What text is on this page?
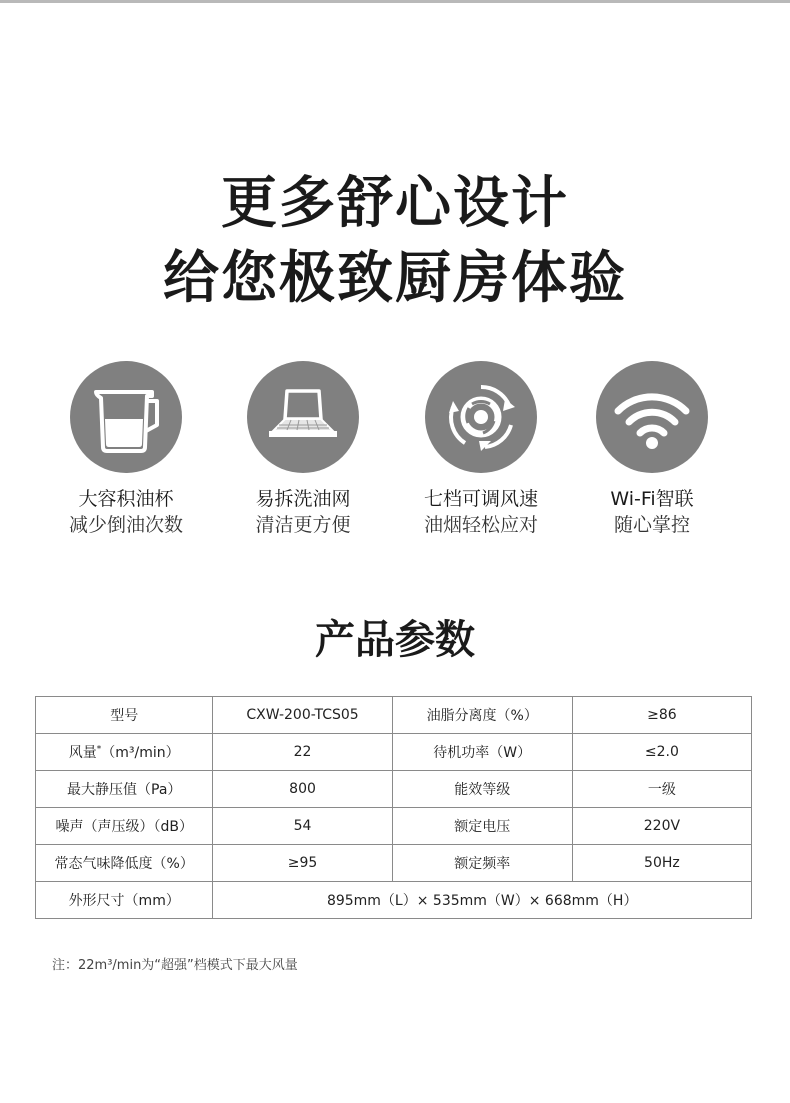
更多舒心设计
给您极致厨房体验
大容积油杯
减少倒油次数
易拆洗油网
清洁更方便
七档可调风速
油烟轻松应对
Wi-Fi智联
随心掌控
产品参数
型号	CXW-200-TCS05	油脂分离度（%）	≥86
风量*（m³/min）	22	待机功率（W）	≤2.0
最大静压值（Pa）	800	能效等级	一级
噪声（声压级）（dB）	54	额定电压	220V
常态气味降低度（%）	≥95	额定频率	50Hz
外形尺寸（mm）	895mm（L）× 535mm（W）× 668mm（H）		
注：22m³/min为“超强”档模式下最大风量
